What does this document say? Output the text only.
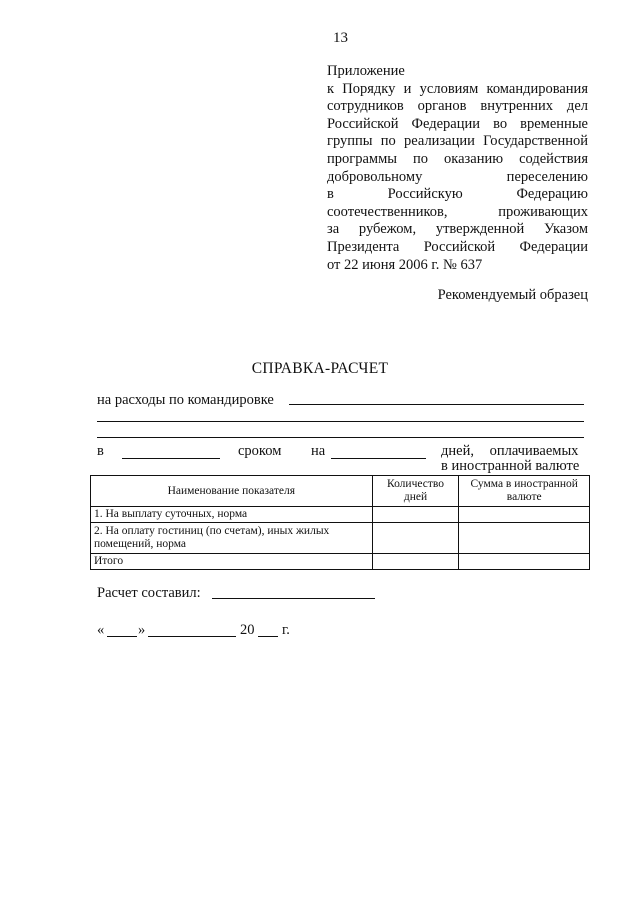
13
Приложение
к Порядку и условиям командирования
сотрудников органов внутренних дел
Российской Федерации во временные
группы по реализации Государственной
программы по оказанию содействия
добровольному переселению
в Российскую Федерацию
соотечественников, проживающих
за рубежом, утвержденной Указом
Президента Российской Федерации
от 22 июня 2006 г. № 637
Рекомендуемый образец
СПРАВКА-РАСЧЕТ
на расходы по командировке
в	сроком на	дней, оплачиваемых
в иностранной валюте
Наименование показателя	Количество дней	Сумма в иностранной валюте
1. На выплату суточных, норма		
2. На оплату гостиниц (по счетам), иных жилых помещений, норма		
Итого		
Расчет составил:
« »	20 г.
